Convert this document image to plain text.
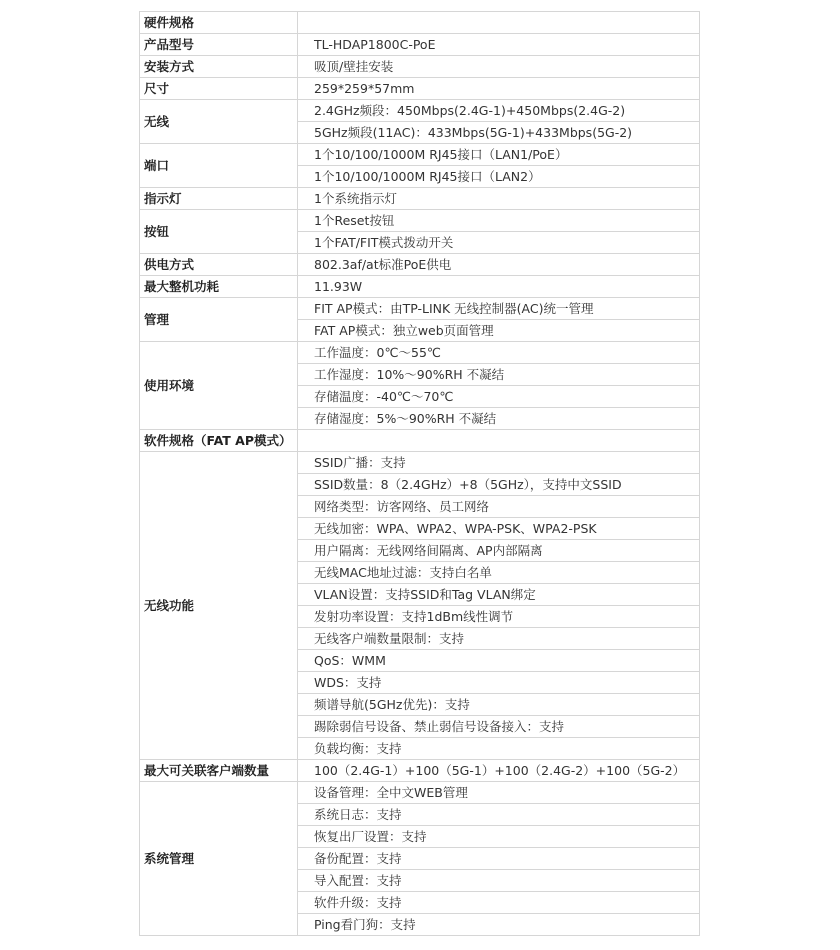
硬件规格	
产品型号	TL-HDAP1800C-PoE
安装方式	吸顶/壁挂安装
尺寸	259*259*57mm
无线	2.4GHz频段：450Mbps(2.4G-1)+450Mbps(2.4G-2)
	5GHz频段(11AC)：433Mbps(5G-1)+433Mbps(5G-2)
端口	1个10/100/1000M RJ45接口（LAN1/PoE）
	1个10/100/1000M RJ45接口（LAN2）
指示灯	1个系统指示灯
按钮	1个Reset按钮
	1个FAT/FIT模式拨动开关
供电方式	802.3af/at标准PoE供电
最大整机功耗	11.93W
管理	FIT AP模式：由TP-LINK 无线控制器(AC)统一管理
	FAT AP模式：独立web页面管理
使用环境	工作温度：0℃～55℃
	工作湿度：10%～90%RH 不凝结
	存储温度：-40℃～70℃
	存储湿度：5%～90%RH 不凝结
软件规格（FAT AP模式）	
无线功能	SSID广播：支持
	SSID数量：8（2.4GHz）+8（5GHz），支持中文SSID
	网络类型：访客网络、员工网络
	无线加密：WPA、WPA2、WPA-PSK、WPA2-PSK
	用户隔离：无线网络间隔离、AP内部隔离
	无线MAC地址过滤：支持白名单
	VLAN设置：支持SSID和Tag VLAN绑定
	发射功率设置：支持1dBm线性调节
	无线客户端数量限制：支持
	QoS：WMM
	WDS：支持
	频谱导航(5GHz优先)：支持
	踢除弱信号设备、禁止弱信号设备接入：支持
	负载均衡：支持
最大可关联客户端数量	100（2.4G-1）+100（5G-1）+100（2.4G-2）+100（5G-2）
系统管理	设备管理：全中文WEB管理
	系统日志：支持
	恢复出厂设置：支持
	备份配置：支持
	导入配置：支持
	软件升级：支持
	Ping看门狗：支持
